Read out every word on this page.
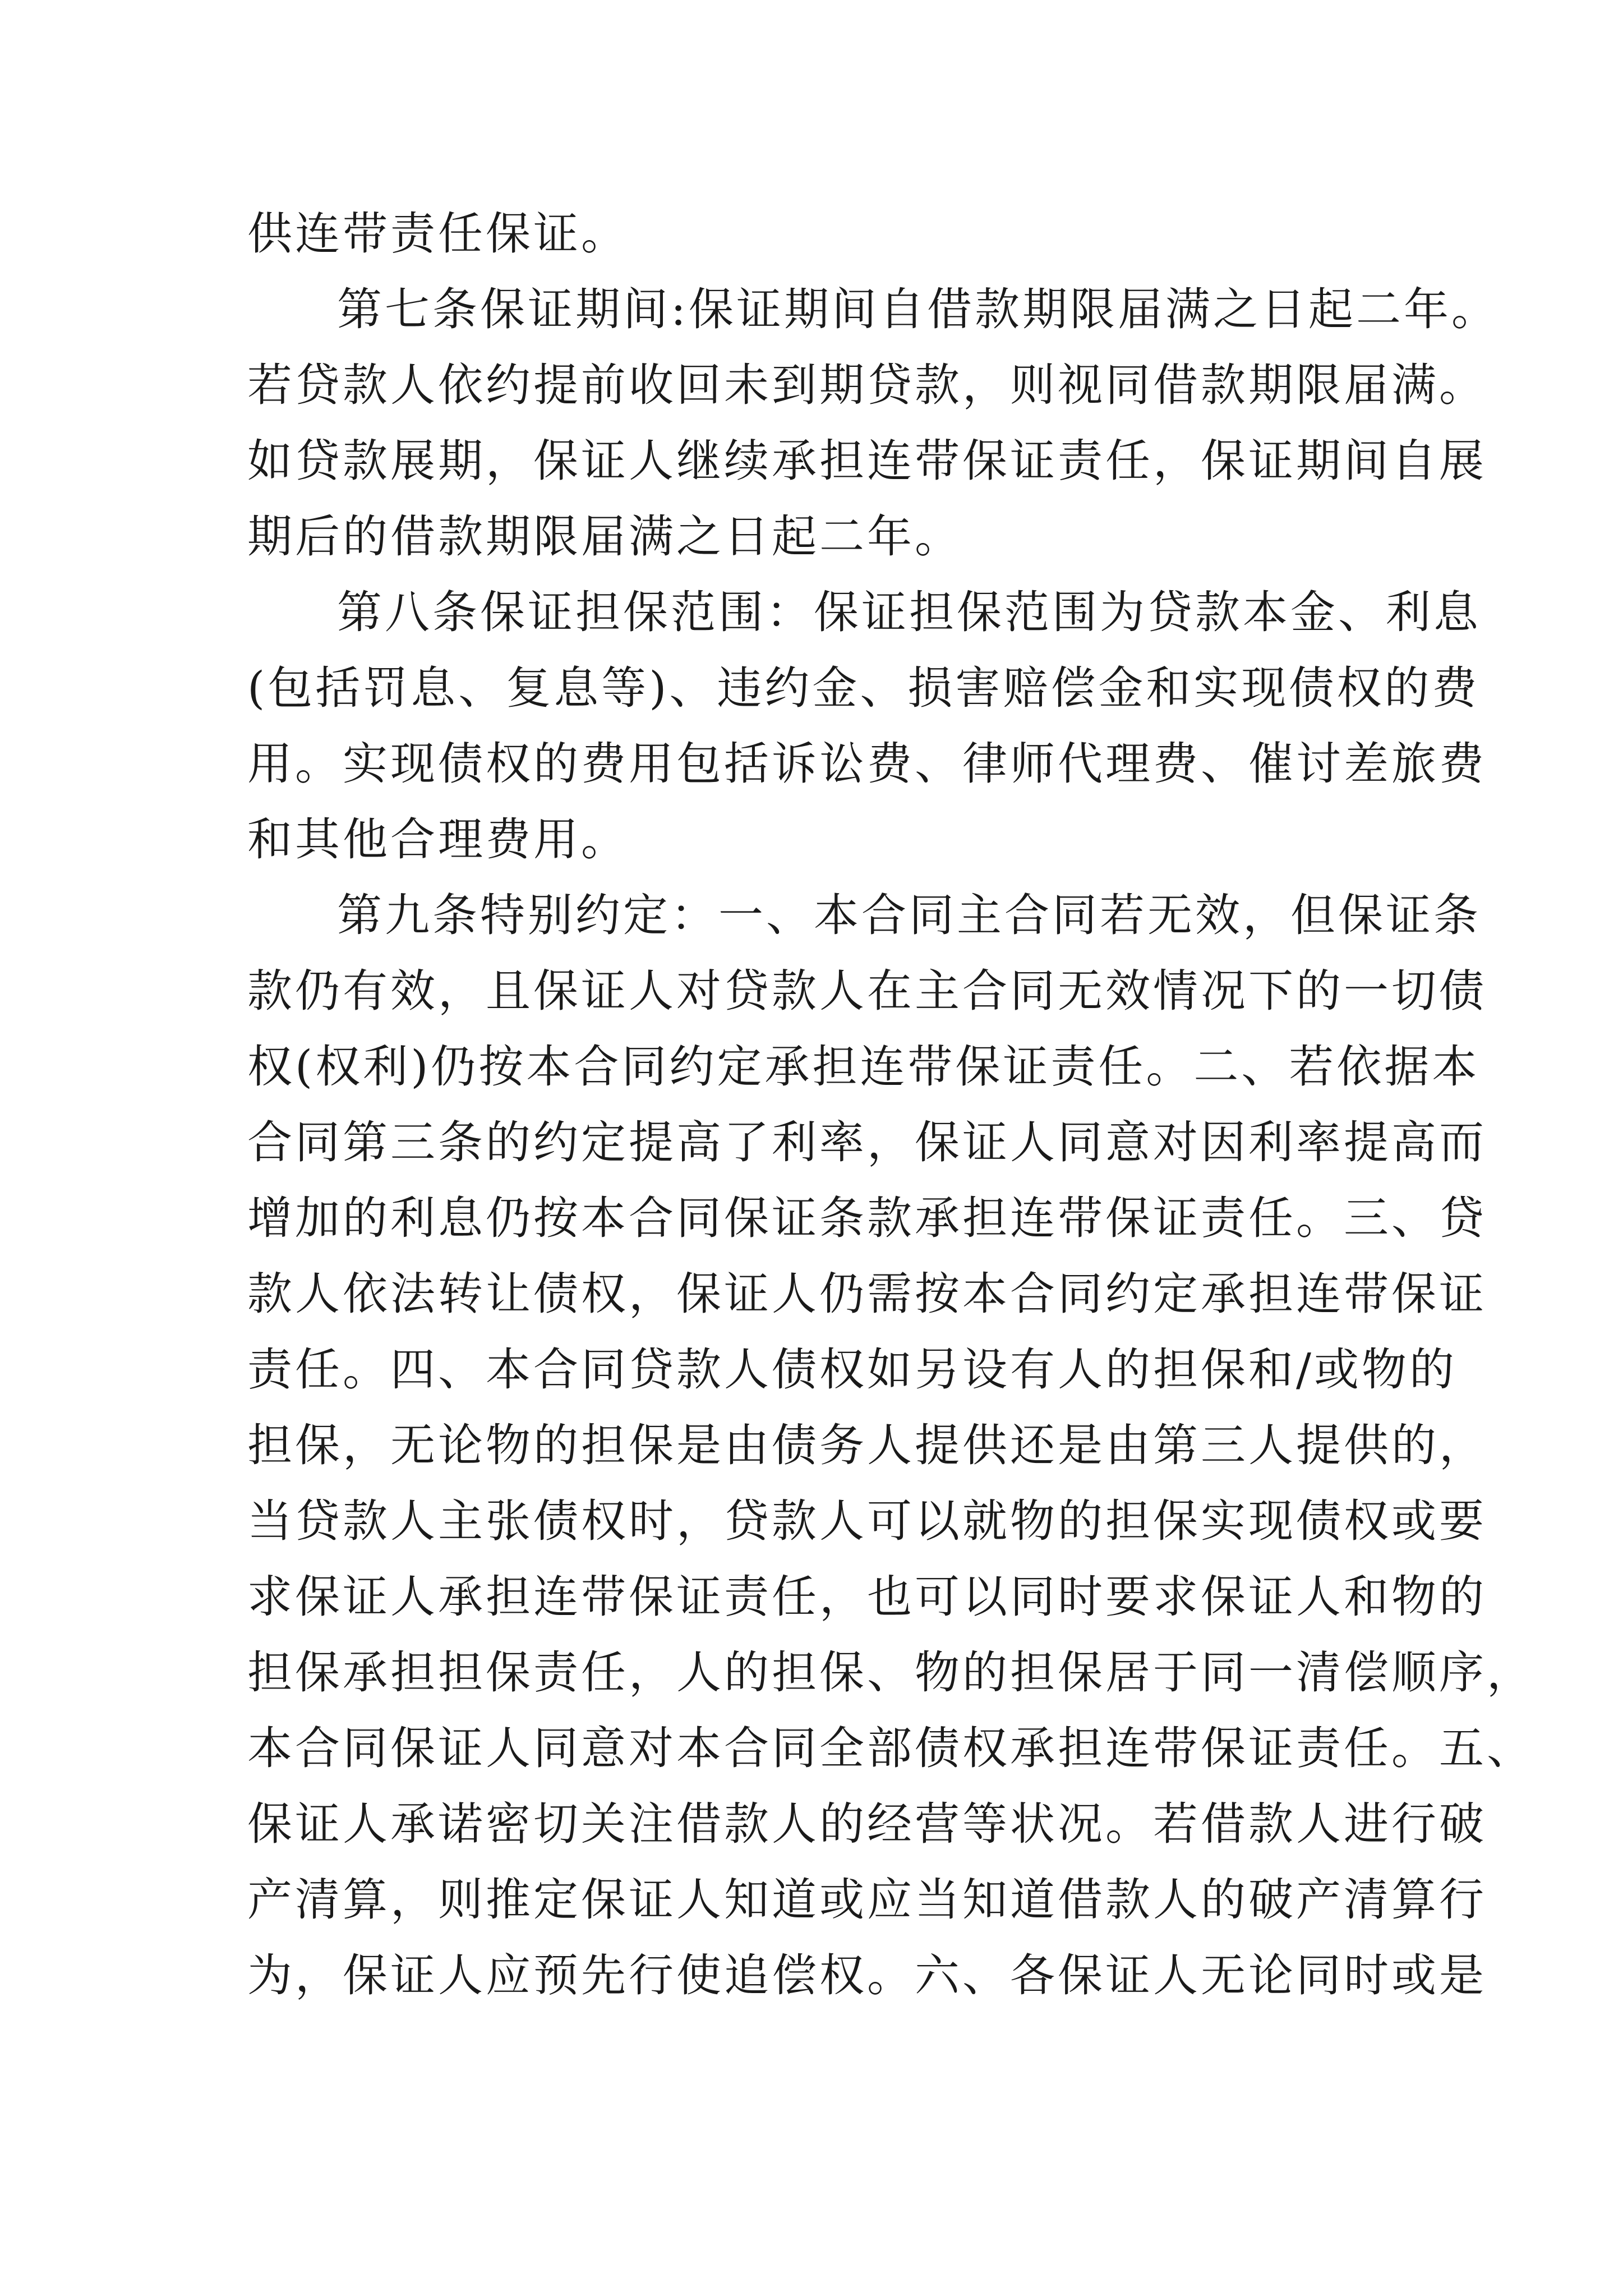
供连带责任保证。

第七条保证期间:保证期间自借款期限届满之日起二年。

若贷款人依约提前收回未到期贷款，则视同借款期限届满。

如贷款展期，保证人继续承担连带保证责任，保证期间自展

期后的借款期限届满之日起二年。

第八条保证担保范围：保证担保范围为贷款本金、利息

(包括罚息、复息等)、违约金、损害赔偿金和实现债权的费

用。实现债权的费用包括诉讼费、律师代理费、催讨差旅费

和其他合理费用。

第九条特别约定：一、本合同主合同若无效，但保证条

款仍有效，且保证人对贷款人在主合同无效情况下的一切债

权(权利)仍按本合同约定承担连带保证责任。二、若依据本

合同第三条的约定提高了利率，保证人同意对因利率提高而

增加的利息仍按本合同保证条款承担连带保证责任。三、贷

款人依法转让债权，保证人仍需按本合同约定承担连带保证

责任。四、本合同贷款人债权如另设有人的担保和/或物的

担保，无论物的担保是由债务人提供还是由第三人提供的，

当贷款人主张债权时，贷款人可以就物的担保实现债权或要

求保证人承担连带保证责任，也可以同时要求保证人和物的

担保承担担保责任，人的担保、物的担保居于同一清偿顺序，

本合同保证人同意对本合同全部债权承担连带保证责任。五、

保证人承诺密切关注借款人的经营等状况。若借款人进行破

产清算，则推定保证人知道或应当知道借款人的破产清算行

为，保证人应预先行使追偿权。六、各保证人无论同时或是
